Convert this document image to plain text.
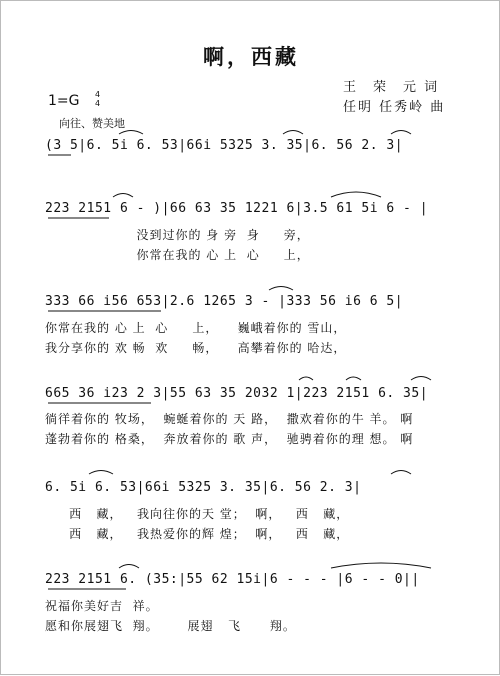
啊，西藏
王　荣　元 词
任明 任秀岭 曲
1=G 4
4
向往、赞美地
(3 5|6. 5i 6. 53|66i 5325 3. 35|6. 56 2. 3|
223 2151 6 - )|66 63 35 1221 6|3.5 61 5i 6 - |
没到过你的 身 旁  身     旁，
你常在我的 心 上  心     上，
333 66 i56 653|2.6 1265 3 - |333 56 i6 6 5|
你常在我的 心 上  心     上，    巍峨着你的 雪山，
我分享你的 欢 畅  欢     畅，    高攀着你的 哈达，
665 36 i23 2 3|55 63 35 2032 1|223 2151 6. 35|
徜徉着你的 牧场，  蜿蜒着你的 天 路，  撒欢着你的牛 羊。 啊
蓬勃着你的 格桑，  奔放着你的 歌 声，  驰骋着你的理 想。 啊
6. 5i 6. 53|66i 5325 3. 35|6. 56 2. 3|
西   藏，   我向往你的天 堂；  啊，   西   藏，
西   藏，   我热爱你的辉 煌；  啊，   西   藏，
223 2151 6. (35:|55 62 15i|6 - - - |6 - - 0||
祝福你美好吉  祥。
愿和你展翅飞  翔。      展翅   飞      翔。
